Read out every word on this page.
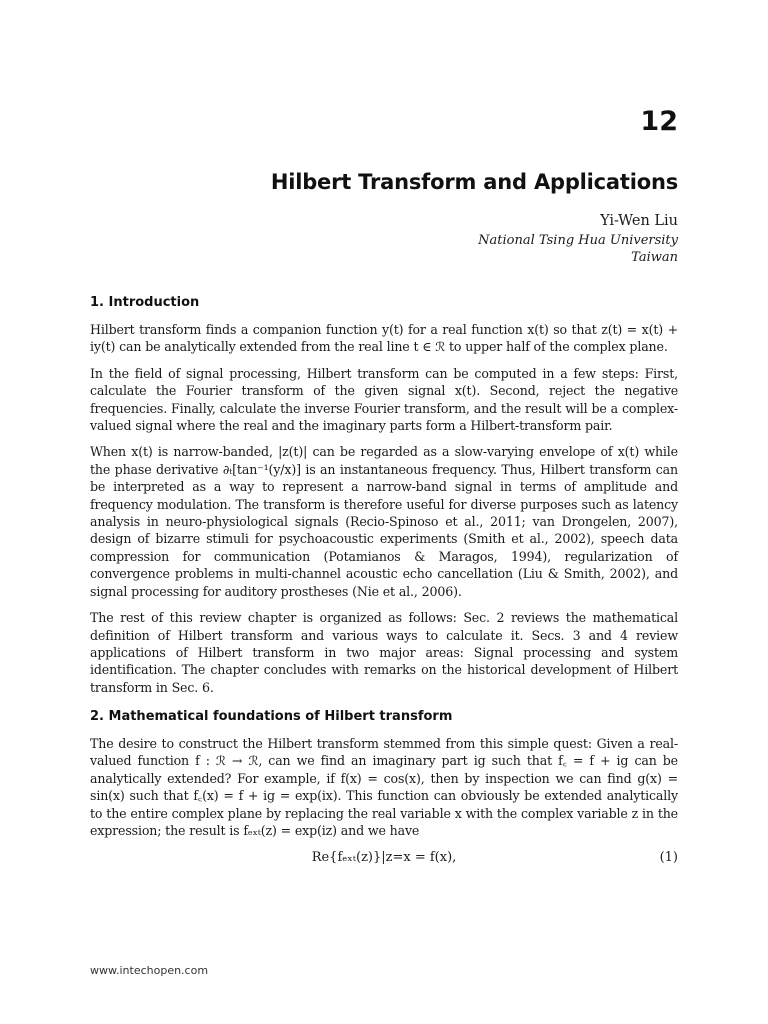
12
Hilbert Transform and Applications
Yi-Wen Liu
National Tsing Hua University
Taiwan
1. Introduction

Hilbert transform finds a companion function y(t) for a real function x(t) so that z(t) = x(t) + iy(t) can be analytically extended from the real line t ∈ ℛ to upper half of the complex plane.

In the field of signal processing, Hilbert transform can be computed in a few steps: First, calculate the Fourier transform of the given signal x(t). Second, reject the negative frequencies. Finally, calculate the inverse Fourier transform, and the result will be a complex-valued signal where the real and the imaginary parts form a Hilbert-transform pair.

When x(t) is narrow-banded, |z(t)| can be regarded as a slow-varying envelope of x(t) while the phase derivative ∂ₜ[tan⁻¹(y/x)] is an instantaneous frequency. Thus, Hilbert transform can be interpreted as a way to represent a narrow-band signal in terms of amplitude and frequency modulation. The transform is therefore useful for diverse purposes such as latency analysis in neuro-physiological signals (Recio-Spinoso et al., 2011; van Drongelen, 2007), design of bizarre stimuli for psychoacoustic experiments (Smith et al., 2002), speech data compression for communication (Potamianos & Maragos, 1994), regularization of convergence problems in multi-channel acoustic echo cancellation (Liu & Smith, 2002), and signal processing for auditory prostheses (Nie et al., 2006).

The rest of this review chapter is organized as follows: Sec. 2 reviews the mathematical definition of Hilbert transform and various ways to calculate it. Secs. 3 and 4 review applications of Hilbert transform in two major areas: Signal processing and system identification. The chapter concludes with remarks on the historical development of Hilbert transform in Sec. 6.

2. Mathematical foundations of Hilbert transform

The desire to construct the Hilbert transform stemmed from this simple quest: Given a real-valued function f : ℛ → ℛ, can we find an imaginary part ig such that f꜀ = f + ig can be analytically extended? For example, if f(x) = cos(x), then by inspection we can find g(x) = sin(x) such that f꜀(x) = f + ig = exp(ix). This function can obviously be extended analytically to the entire complex plane by replacing the real variable x with the complex variable z in the expression; the result is fₑₓₜ(z) = exp(iz) and we have

Re{fₑₓₜ(z)}|z=x = f(x),	(1)
www.intechopen.com
